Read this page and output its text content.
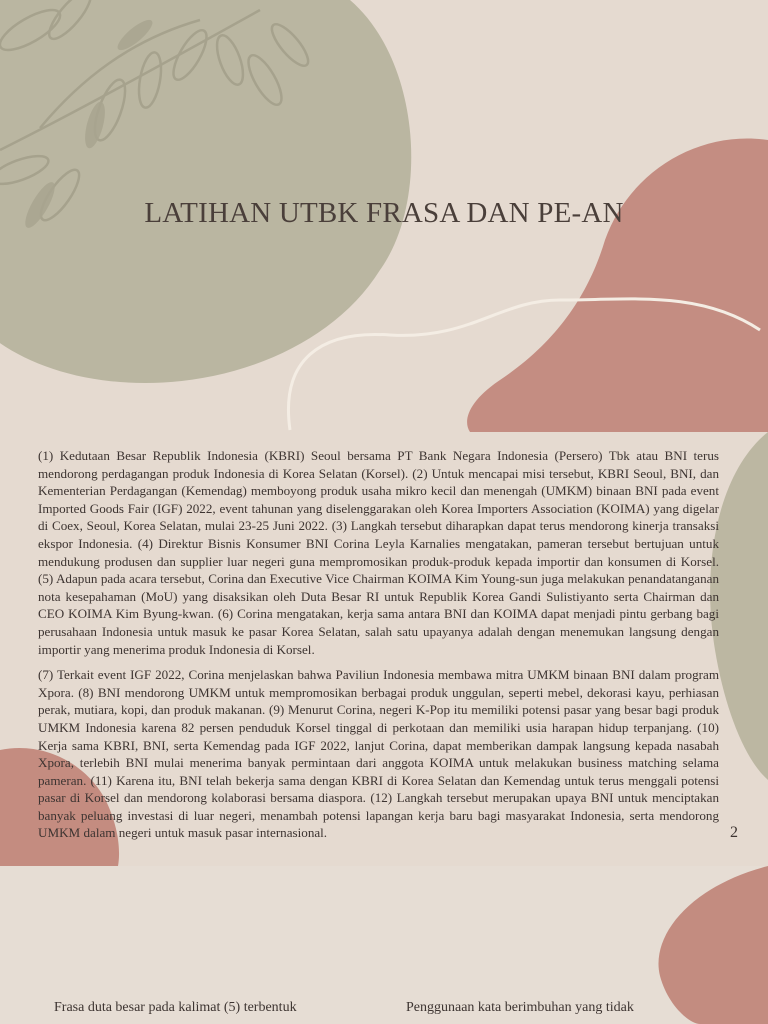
LATIHAN UTBK FRASA DAN PE-AN

(1) Kedutaan Besar Republik Indonesia (KBRI) Seoul bersama PT Bank Negara Indonesia (Persero) Tbk atau BNI terus mendorong perdagangan produk Indonesia di Korea Selatan (Korsel). (2) Untuk mencapai misi tersebut, KBRI Seoul, BNI, dan Kementerian Perdagangan (Kemendag) memboyong produk usaha mikro kecil dan menengah (UMKM) binaan BNI pada event Imported Goods Fair (IGF) 2022, event tahunan yang diselenggarakan oleh Korea Importers Association (KOIMA) yang digelar di Coex, Seoul, Korea Selatan, mulai 23-25 Juni 2022. (3) Langkah tersebut diharapkan dapat terus mendorong kinerja transaksi ekspor Indonesia. (4) Direktur Bisnis Konsumer BNI Corina Leyla Karnalies mengatakan, pameran tersebut bertujuan untuk mendukung produsen dan supplier luar negeri guna mempromosikan produk-produk kepada importir dan konsumen di Korsel. (5) Adapun pada acara tersebut, Corina dan Executive Vice Chairman KOIMA Kim Young-sun juga melakukan penandatanganan nota kesepahaman (MoU) yang disaksikan oleh Duta Besar RI untuk Republik Korea Gandi Sulistiyanto serta Chairman dan CEO KOIMA Kim Byung-kwan. (6) Corina mengatakan, kerja sama antara BNI dan KOIMA dapat menjadi pintu gerbang bagi perusahaan Indonesia untuk masuk ke pasar Korea Selatan, salah satu upayanya adalah dengan menemukan langsung dengan importir yang menerima produk Indonesia di Korsel.

(7) Terkait event IGF 2022, Corina menjelaskan bahwa Paviliun Indonesia membawa mitra UMKM binaan BNI dalam program Xpora. (8) BNI mendorong UMKM untuk mempromosikan berbagai produk unggulan, seperti mebel, dekorasi kayu, perhiasan perak, mutiara, kopi, dan produk makanan. (9) Menurut Corina, negeri K-Pop itu memiliki potensi pasar yang besar bagi produk UMKM Indonesia karena 82 persen penduduk Korsel tinggal di perkotaan dan memiliki usia harapan hidup terpanjang. (10) Kerja sama KBRI, BNI, serta Kemendag pada IGF 2022, lanjut Corina, dapat memberikan dampak langsung kepada nasabah Xpora, terlebih BNI mulai menerima banyak permintaan dari anggota KOIMA untuk melakukan business matching selama pameran. (11) Karena itu, BNI telah bekerja sama dengan KBRI di Korea Selatan dan Kemendag untuk terus menggali potensi pasar di Korsel dan mendorong kolaborasi bersama diaspora. (12) Langkah tersebut merupakan upaya BNI untuk menciptakan banyak peluang investasi di luar negeri, menambah potensi lapangan kerja baru bagi masyarakat Indonesia, serta mendorong UMKM dalam negeri untuk masuk pasar internasional.	2
Frasa duta besar pada kalimat (5) terbentuk	Penggunaan kata berimbuhan yang tidak
